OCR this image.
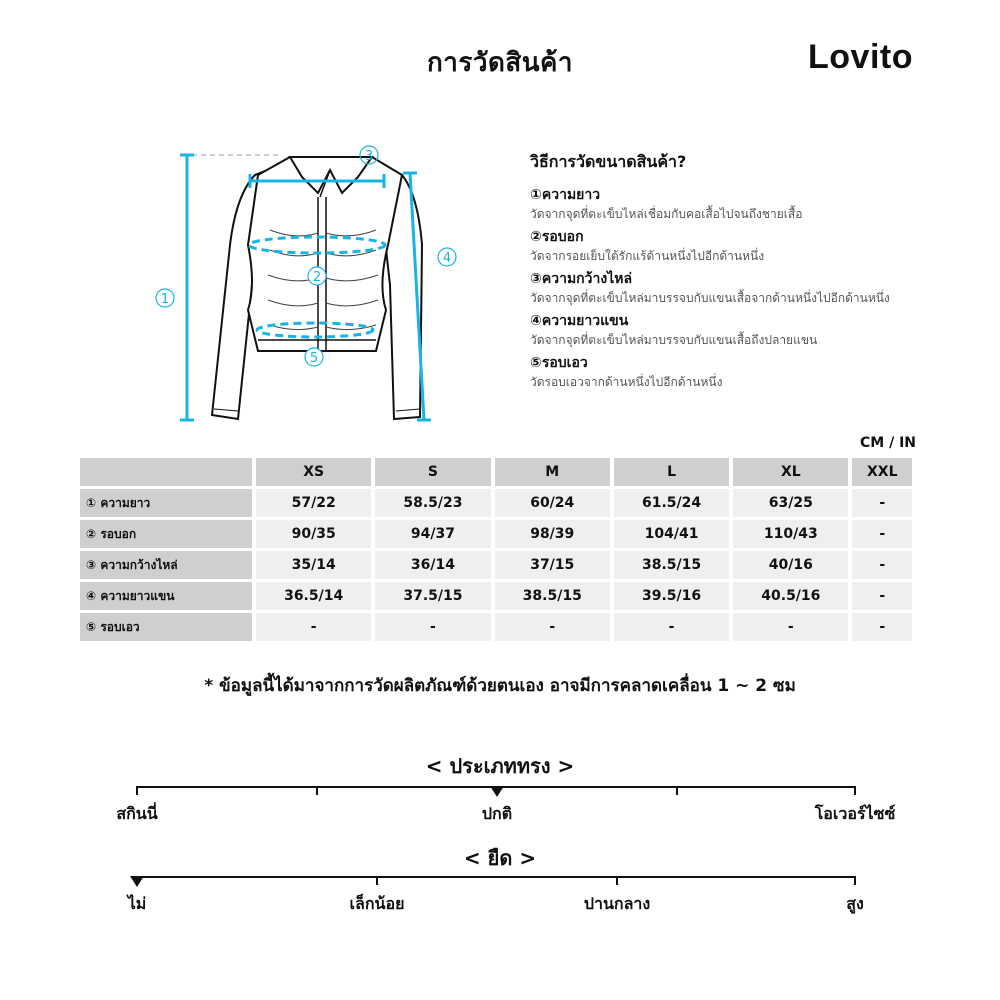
การวัดสินค้า	Lovito
1
2
3
4
5
วิธีการวัดขนาดสินค้า?
①ความยาว
วัดจากจุดที่ตะเข็บไหล่เชื่อมกับคอเสื้อไปจนถึงชายเสื้อ
②รอบอก
วัดจากรอยเย็บใต้รักแร้ด้านหนึ่งไปอีกด้านหนึ่ง
③ความกว้างไหล่
วัดจากจุดที่ตะเข็บไหล่มาบรรจบกับแขนเสื้อจากด้านหนึ่งไปอีกด้านหนึ่ง
④ความยาวแขน
วัดจากจุดที่ตะเข็บไหล่มาบรรจบกับแขนเสื้อถึงปลายแขน
⑤รอบเอว
วัดรอบเอวจากด้านหนึ่งไปอีกด้านหนึ่ง
CM / IN
	XS	S	M	L	XL	XXL
① ความยาว	57/22	58.5/23	60/24	61.5/24	63/25	-
② รอบอก	90/35	94/37	98/39	104/41	110/43	-
③ ความกว้างไหล่	35/14	36/14	37/15	38.5/15	40/16	-
④ ความยาวแขน	36.5/14	37.5/15	38.5/15	39.5/16	40.5/16	-
⑤ รอบเอว	-	-	-	-	-	-
* ข้อมูลนี้ได้มาจากการวัดผลิตภัณฑ์ด้วยตนเอง อาจมีการคลาดเคลื่อน 1 ~ 2 ซม
< ประเภททรง >
สกินนี่	ปกติ	โอเวอร์ไซซ์
< ยืด >
ไม่	เล็กน้อย	ปานกลาง	สูง
